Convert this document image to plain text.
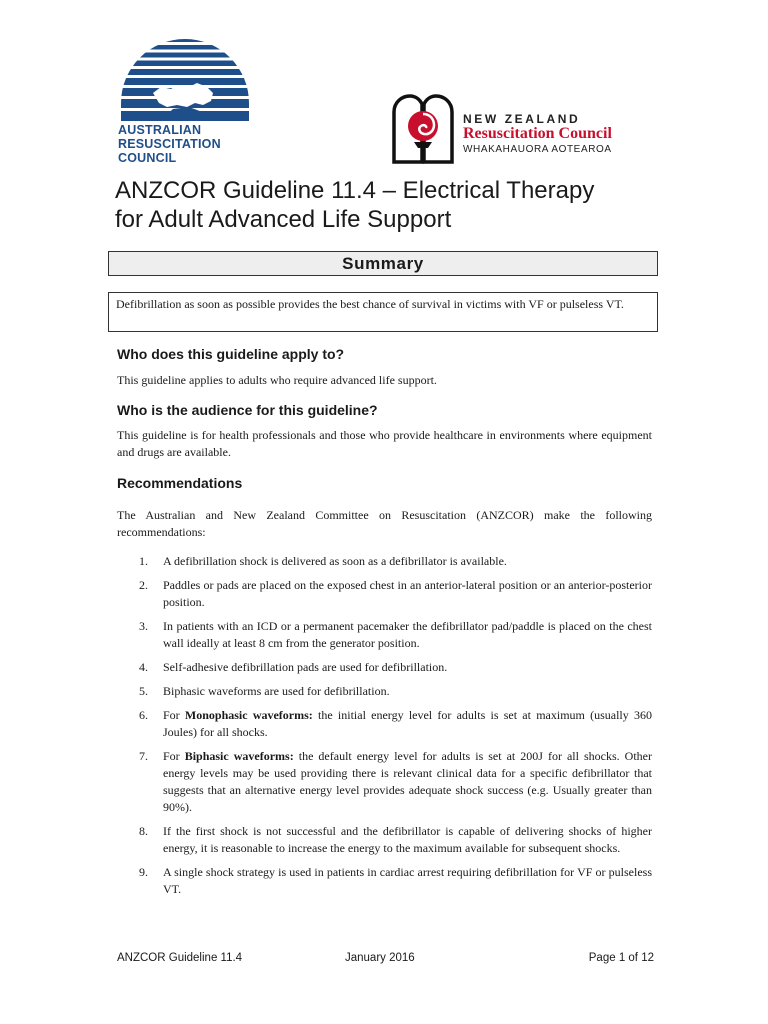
TM
AUSTRALIAN
RESUSCITATION
COUNCIL
NEW ZEALAND
Resuscitation Council
WHAKAHAUORA AOTEAROA
ANZCOR Guideline 11.4 – Electrical Therapy
for Adult Advanced Life Support
Summary
Defibrillation as soon as possible provides the best chance of survival in victims with VF or pulseless VT.
Who does this guideline apply to?

This guideline applies to adults who require advanced life support.

Who is the audience for this guideline?

This guideline is for health professionals and those who provide healthcare in environments where equipment and drugs are available.

Recommendations

The Australian and New Zealand Committee on Resuscitation (ANZCOR) make the following recommendations:

1. A defibrillation shock is delivered as soon as a defibrillator is available.
2. Paddles or pads are placed on the exposed chest in an anterior-lateral position or an anterior-posterior position.
3. In patients with an ICD or a permanent pacemaker the defibrillator pad/paddle is placed on the chest wall ideally at least 8 cm from the generator position.
4. Self-adhesive defibrillation pads are used for defibrillation.
5. Biphasic waveforms are used for defibrillation.
6. For Monophasic waveforms: the initial energy level for adults is set at maximum (usually 360 Joules) for all shocks.
7. For Biphasic waveforms: the default energy level for adults is set at 200J for all shocks. Other energy levels may be used providing there is relevant clinical data for a specific defibrillator that suggests that an alternative energy level provides adequate shock success (e.g. Usually greater than 90%).
8. If the first shock is not successful and the defibrillator is capable of delivering shocks of higher energy, it is reasonable to increase the energy to the maximum available for subsequent shocks.
9. A single shock strategy is used in patients in cardiac arrest requiring defibrillation for VF or pulseless VT.
ANZCOR Guideline 11.4	January 2016	Page 1 of 12
